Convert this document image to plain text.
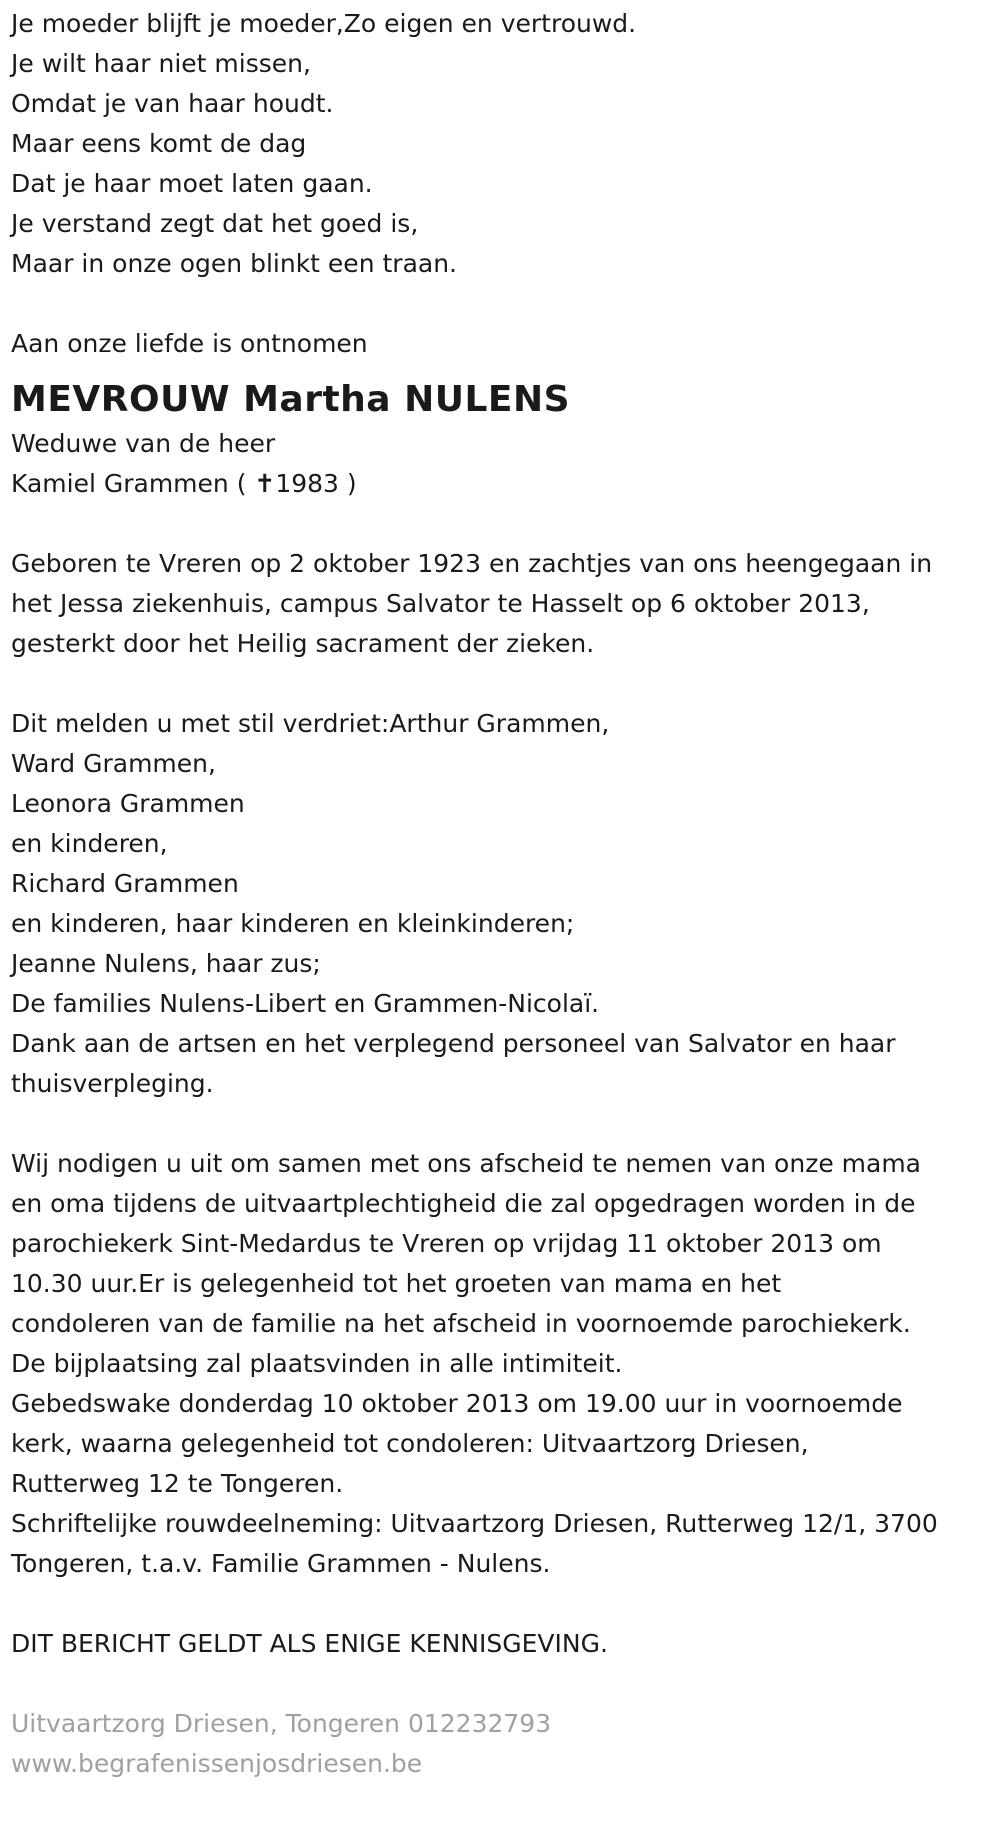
Je moeder blijft je moeder,Zo eigen en vertrouwd.
Je wilt haar niet missen,
Omdat je van haar houdt.
Maar eens komt de dag
Dat je haar moet laten gaan.
Je verstand zegt dat het goed is,
Maar in onze ogen blinkt een traan.
Aan onze liefde is ontnomen
MEVROUW Martha NULENS
Weduwe van de heer
Kamiel Grammen ( ✝1983 )
Geboren te Vreren op 2 oktober 1923 en zachtjes van ons heengegaan in
het Jessa ziekenhuis, campus Salvator te Hasselt op 6 oktober 2013,
gesterkt door het Heilig sacrament der zieken.
Dit melden u met stil verdriet:Arthur Grammen,
Ward Grammen,
Leonora Grammen
en kinderen,
Richard Grammen
en kinderen, haar kinderen en kleinkinderen;
Jeanne Nulens, haar zus;
De families Nulens-Libert en Grammen-Nicolaï.
Dank aan de artsen en het verplegend personeel van Salvator en haar
thuisverpleging.
Wij nodigen u uit om samen met ons afscheid te nemen van onze mama
en oma tijdens de uitvaartplechtigheid die zal opgedragen worden in de
parochiekerk Sint-Medardus te Vreren op vrijdag 11 oktober 2013 om
10.30 uur.Er is gelegenheid tot het groeten van mama en het
condoleren van de familie na het afscheid in voornoemde parochiekerk.
De bijplaatsing zal plaatsvinden in alle intimiteit.
Gebedswake donderdag 10 oktober 2013 om 19.00 uur in voornoemde
kerk, waarna gelegenheid tot condoleren: Uitvaartzorg Driesen,
Rutterweg 12 te Tongeren.
Schriftelijke rouwdeelneming: Uitvaartzorg Driesen, Rutterweg 12/1, 3700
Tongeren, t.a.v. Familie Grammen - Nulens.
DIT BERICHT GELDT ALS ENIGE KENNISGEVING.
Uitvaartzorg Driesen, Tongeren 012232793
www.begrafenissenjosdriesen.be
